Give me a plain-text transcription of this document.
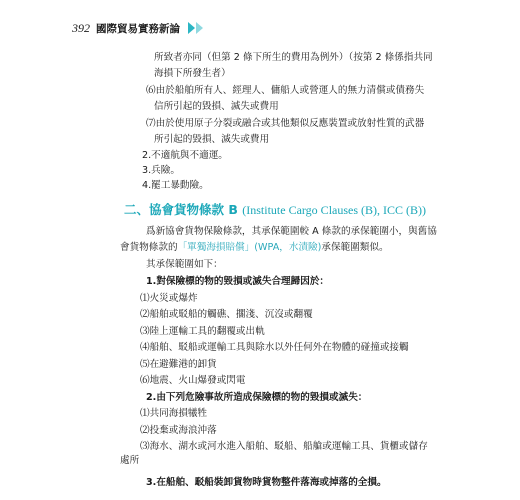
392 國際貿易實務新論
所致者亦同（但第 2 條下所生的費用為例外）（按第 2 條係指共同
海損下所發生者）
⑹由於船舶所有人、經理人、傭船人或營運人的無力清償或債務失
信所引起的毀損、滅失或費用
⑺由於使用原子分裂或融合或其他類似反應裝置或放射性質的武器
所引起的毀損、滅失或費用
2.不適航與不適運。
3.兵險。
4.罷工暴動險。
二、協會貨物條款 B (Institute Cargo Clauses (B), ICC (B))
爲新協會貨物保險條款，其承保範圍較 A 條款的承保範圍小，與舊協
會貨物條款的「單獨海損賠償」(WPA，水漬險)承保範圍類似。
其承保範圍如下：
1.對保險標的物的毀損或滅失合理歸因於：
⑴火災或爆炸
⑵船舶或駁船的觸礁、擱淺、沉沒或翻覆
⑶陸上運輸工具的翻覆或出軌
⑷船舶、駁船或運輸工具與除水以外任何外在物體的碰撞或接觸
⑸在避難港的卸貨
⑹地震、火山爆發或閃電
2.由下列危險事故所造成保險標的物的毀損或滅失：
⑴共同海損犧牲
⑵投棄或海浪沖落
⑶海水、湖水或河水進入船舶、駁船、船艙或運輸工具、貨櫃或儲存
處所
3.在船舶、駁船裝卸貨物時貨物整件落海或掉落的全損。
